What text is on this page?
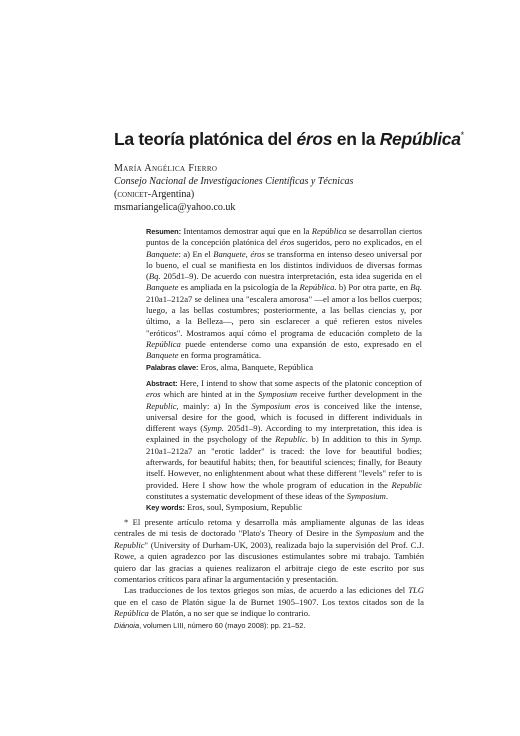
La teoría platónica del éros en la República*
María Angélica Fierro
Consejo Nacional de Investigaciones Científicas y Técnicas
(conicet-Argentina)
msmariangelica@yahoo.co.uk

Resumen: Intentamos demostrar aquí que en la República se desarrollan ciertos puntos de la concepción platónica del éros sugeridos, pero no explicados, en el Banquete: a) En el Banquete, éros se transforma en intenso deseo universal por lo bueno, el cual se manifiesta en los distintos individuos de diversas formas (Bq. 205d1–9). De acuerdo con nuestra interpretación, esta idea sugerida en el Banquete es ampliada en la psicología de la República. b) Por otra parte, en Bq. 210a1–212a7 se delinea una "escalera amorosa" —el amor a los bellos cuerpos; luego, a las bellas costumbres; posteriormente, a las bellas ciencias y, por último, a la Belleza—, pero sin esclarecer a qué refieren estos niveles "eróticos". Mostramos aquí cómo el programa de educación completo de la República puede entenderse como una expansión de esto, expresado en el Banquete en forma programática.

Palabras clave: Eros, alma, Banquete, República

Abstract: Here, I intend to show that some aspects of the platonic conception of eros which are hinted at in the Symposium receive further development in the Republic, mainly: a) In the Symposium eros is conceived like the intense, universal desire for the good, which is focused in different individuals in different ways (Symp. 205d1–9). According to my interpretation, this idea is explained in the psychology of the Republic. b) In addition to this in Symp. 210a1–212a7 an "erotic ladder" is traced: the love for beautiful bodies; afterwards, for beautiful habits; then, for beautiful sciences; finally, for Beauty itself. However, no enlightenment about what these different "levels" refer to is provided. Here I show how the whole program of education in the Republic constitutes a systematic development of these ideas of the Symposium.

Key words: Eros, soul, Symposium, Republic

* El presente artículo retoma y desarrolla más ampliamente algunas de las ideas centrales de mi tesis de doctorado "Plato's Theory of Desire in the Symposium and the Republic" (University of Durham-UK, 2003), realizada bajo la supervisión del Prof. C.J. Rowe, a quien agradezco por las discusiones estimulantes sobre mi trabajo. También quiero dar las gracias a quienes realizaron el arbitraje ciego de este escrito por sus comentarios críticos para afinar la argumentación y presentación.

Las traducciones de los textos griegos son mías, de acuerdo a las ediciones del TLG que en el caso de Platón sigue la de Burnet 1905–1907. Los textos citados son de la República de Platón, a no ser que se indique lo contrario.

Diánoia, volumen LIII, número 60 (mayo 2008): pp. 21–52.
